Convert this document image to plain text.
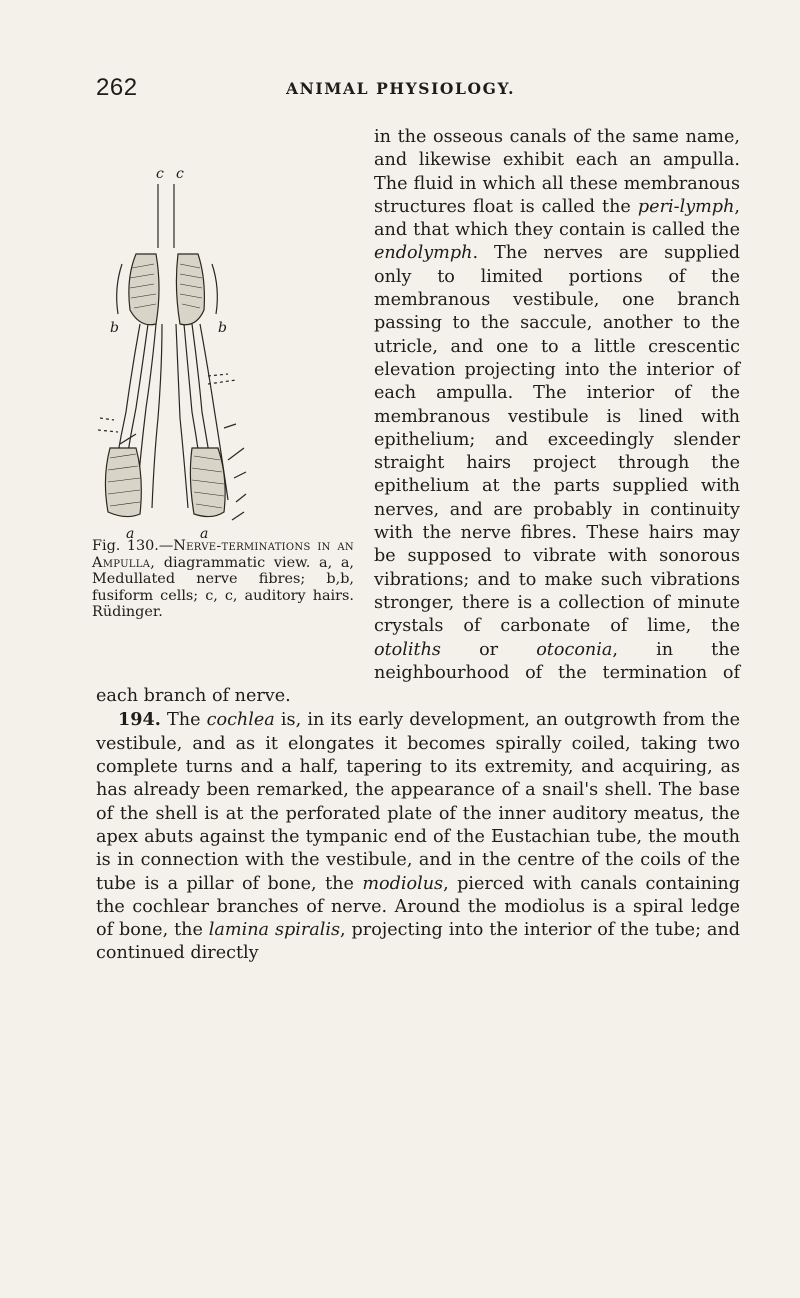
262	ANIMAL PHYSIOLOGY.
c c
b	b
a	a
Fig. 130.—Nerve-terminations in an Ampulla, diagrammatic view. a, a, Medullated nerve fibres; b,b, fusiform cells; c, c, auditory hairs. Rüdinger.

in the osseous canals of the same name, and likewise exhibit each an ampulla. The fluid in which all these membranous structures float is called the peri-lymph, and that which they contain is called the endolymph. The nerves are supplied only to limited portions of the membranous vestibule, one branch passing to the saccule, another to the utricle, and one to a little crescentic elevation projecting into the interior of each ampulla. The interior of the membranous vestibule is lined with epithelium; and exceedingly slender straight hairs project through the epithelium at the parts supplied with nerves, and are probably in continuity with the nerve fibres. These hairs may be supposed to vibrate with sonorous vibrations; and to make such vibrations stronger, there is a collection of minute crystals of carbonate of lime, the otoliths or otoconia, in the neighbourhood of the termination of each branch of nerve.

194. The cochlea is, in its early development, an outgrowth from the vestibule, and as it elongates it becomes spirally coiled, taking two complete turns and a half, tapering to its extremity, and acquiring, as has already been remarked, the appearance of a snail's shell. The base of the shell is at the perforated plate of the inner auditory meatus, the apex abuts against the tympanic end of the Eustachian tube, the mouth is in connection with the vestibule, and in the centre of the coils of the tube is a pillar of bone, the modiolus, pierced with canals containing the cochlear branches of nerve. Around the modiolus is a spiral ledge of bone, the lamina spiralis, projecting into the interior of the tube; and continued directly
